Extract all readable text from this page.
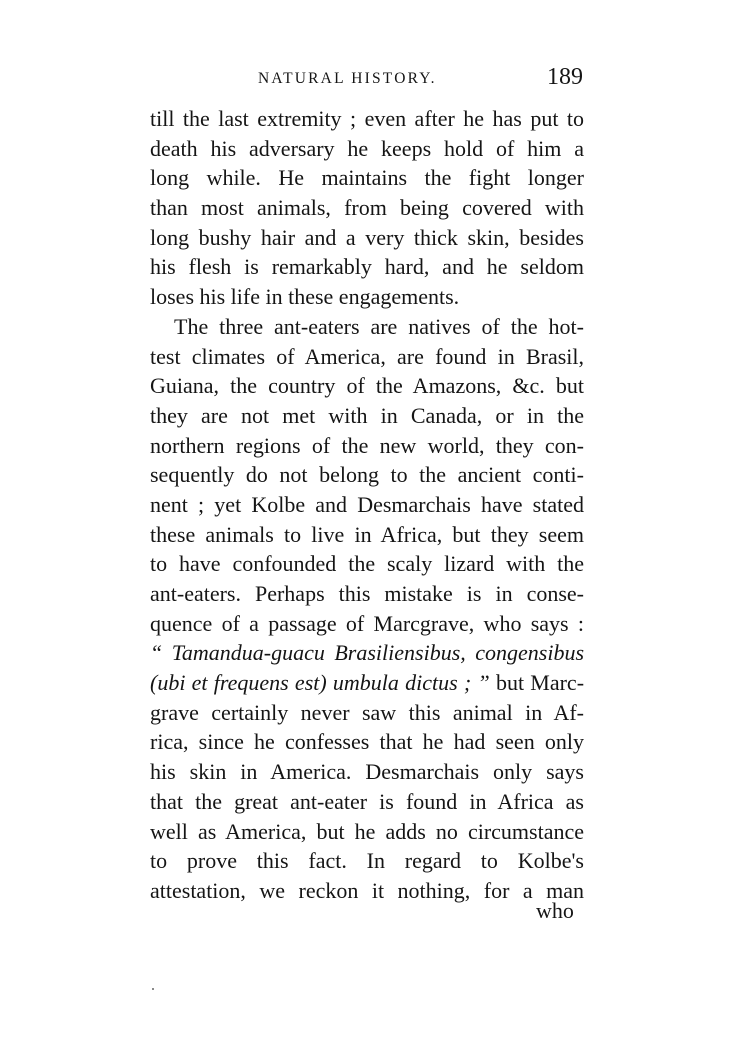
NATURAL HISTORY.	189
till the last extremity ; even after he has put to
death his adversary he keeps hold of him a
long while. He maintains the fight longer
than most animals, from being covered with
long bushy hair and a very thick skin, besides
his flesh is remarkably hard, and he seldom
loses his life in these engagements.
The three ant-eaters are natives of the hot-
test climates of America, are found in Brasil,
Guiana, the country of the Amazons, &c. but
they are not met with in Canada, or in the
northern regions of the new world, they con-
sequently do not belong to the ancient conti-
nent ; yet Kolbe and Desmarchais have stated
these animals to live in Africa, but they seem
to have confounded the scaly lizard with the
ant-eaters. Perhaps this mistake is in conse-
quence of a passage of Marcgrave, who says :
“ Tamandua-guacu Brasiliensibus, congensibus
(ubi et frequens est) umbula dictus ; ” but Marc-
grave certainly never saw this animal in Af-
rica, since he confesses that he had seen only
his skin in America. Desmarchais only says
that the great ant-eater is found in Africa as
well as America, but he adds no circumstance
to prove this fact. In regard to Kolbe's
attestation, we reckon it nothing, for a man
who
